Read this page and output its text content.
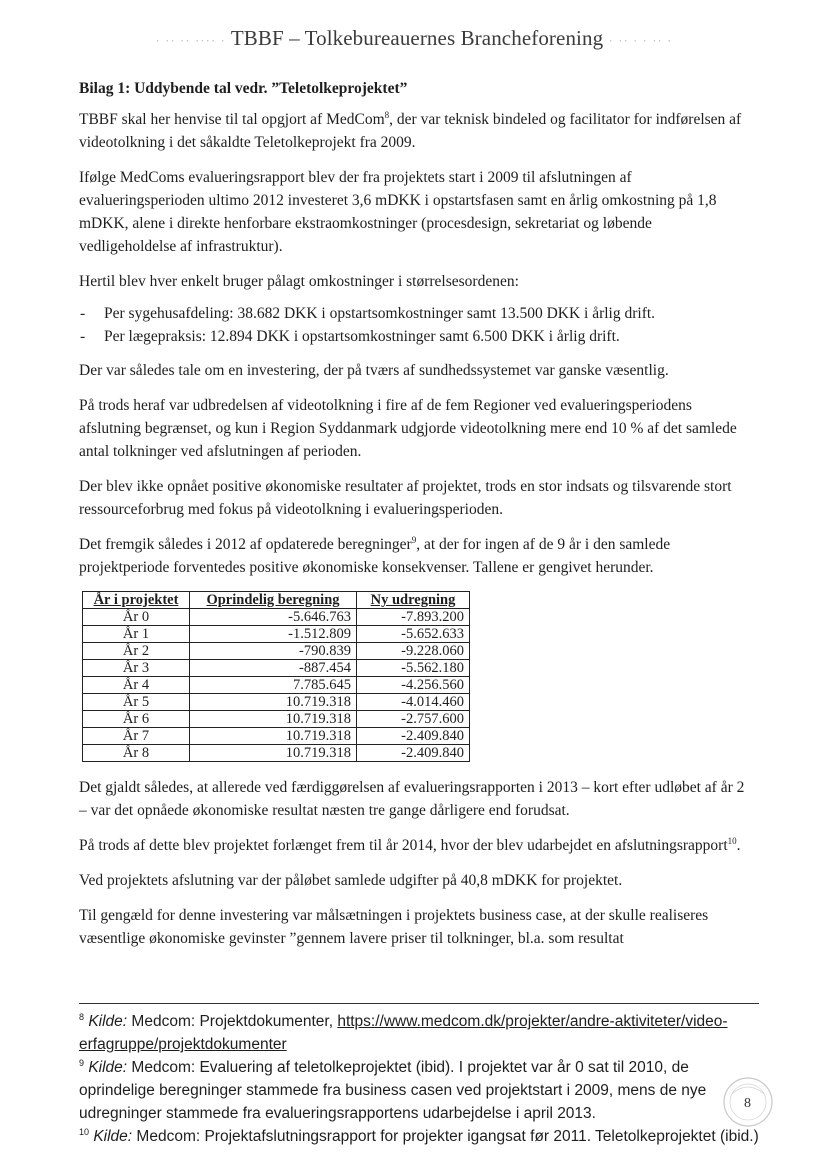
· ·· ·· ···· · TBBF – Tolkebureauernes Brancheforening · ·· · · ·· ·
Bilag 1: Uddybende tal vedr. ”Teletolkeprojektet”

TBBF skal her henvise til tal opgjort af MedCom$^8$, der var teknisk bindeled og facilitator for indførelsen af videotolkning i det såkaldte Teletolkeprojekt fra 2009.

Ifølge MedComs evalueringsrapport blev der fra projektets start i 2009 til afslutningen af evalueringsperioden ultimo 2012 investeret 3,6 mDKK i opstartsfasen samt en årlig omkostning på 1,8 mDKK, alene i direkte henforbare ekstraomkostninger (procesdesign, sekretariat og løbende vedligeholdelse af infrastruktur).

Hertil blev hver enkelt bruger pålagt omkostninger i størrelsesordenen:

- Per sygehusafdeling: 38.682 DKK i opstartsomkostninger samt 13.500 DKK i årlig drift.
- Per lægepraksis: 12.894 DKK i opstartsomkostninger samt 6.500 DKK i årlig drift.

Der var således tale om en investering, der på tværs af sundhedssystemet var ganske væsentlig.

På trods heraf var udbredelsen af videotolkning i fire af de fem Regioner ved evalueringsperiodens afslutning begrænset, og kun i Region Syddanmark udgjorde videotolkning mere end 10 % af det samlede antal tolkninger ved afslutningen af perioden.

Der blev ikke opnået positive økonomiske resultater af projektet, trods en stor indsats og tilsvarende stort ressourceforbrug med fokus på videotolkning i evalueringsperioden.

Det fremgik således i 2012 af opdaterede beregninger$^9$, at der for ingen af de 9 år i den samlede projektperiode forventedes positive økonomiske konsekvenser. Tallene er gengivet herunder.

År i projektet	Oprindelig beregning	Ny udregning
År 0	-5.646.763	-7.893.200
År 1	-1.512.809	-5.652.633
År 2	-790.839	-9.228.060
År 3	-887.454	-5.562.180
År 4	7.785.645	-4.256.560
År 5	10.719.318	-4.014.460
År 6	10.719.318	-2.757.600
År 7	10.719.318	-2.409.840
År 8	10.719.318	-2.409.840

Det gjaldt således, at allerede ved færdiggørelsen af evalueringsrapporten i 2013 – kort efter udløbet af år 2 – var det opnåede økonomiske resultat næsten tre gange dårligere end forudsat.

På trods af dette blev projektet forlænget frem til år 2014, hvor der blev udarbejdet en afslutningsrapport$^{10}$.

Ved projektets afslutning var der påløbet samlede udgifter på 40,8 mDKK for projektet.

Til gengæld for denne investering var målsætningen i projektets business case, at der skulle realiseres væsentlige økonomiske gevinster ”gennem lavere priser til tolkninger, bl.a. som resultat

$^8$ Kilde: Medcom: Projektdokumenter, https://www.medcom.dk/projekter/andre-aktiviteter/video-erfagruppe/projektdokumenter

$^9$ Kilde: Medcom: Evaluering af teletolkeprojektet (ibid). I projektet var år 0 sat til 2010, de oprindelige beregninger stammede fra business casen ved projektstart i 2009, mens de nye udregninger stammede fra evalueringsrapportens udarbejdelse i april 2013.

$^{10}$ Kilde: Medcom: Projektafslutningsrapport for projekter igangsat før 2011. Teletolkeprojektet (ibid.)

8
